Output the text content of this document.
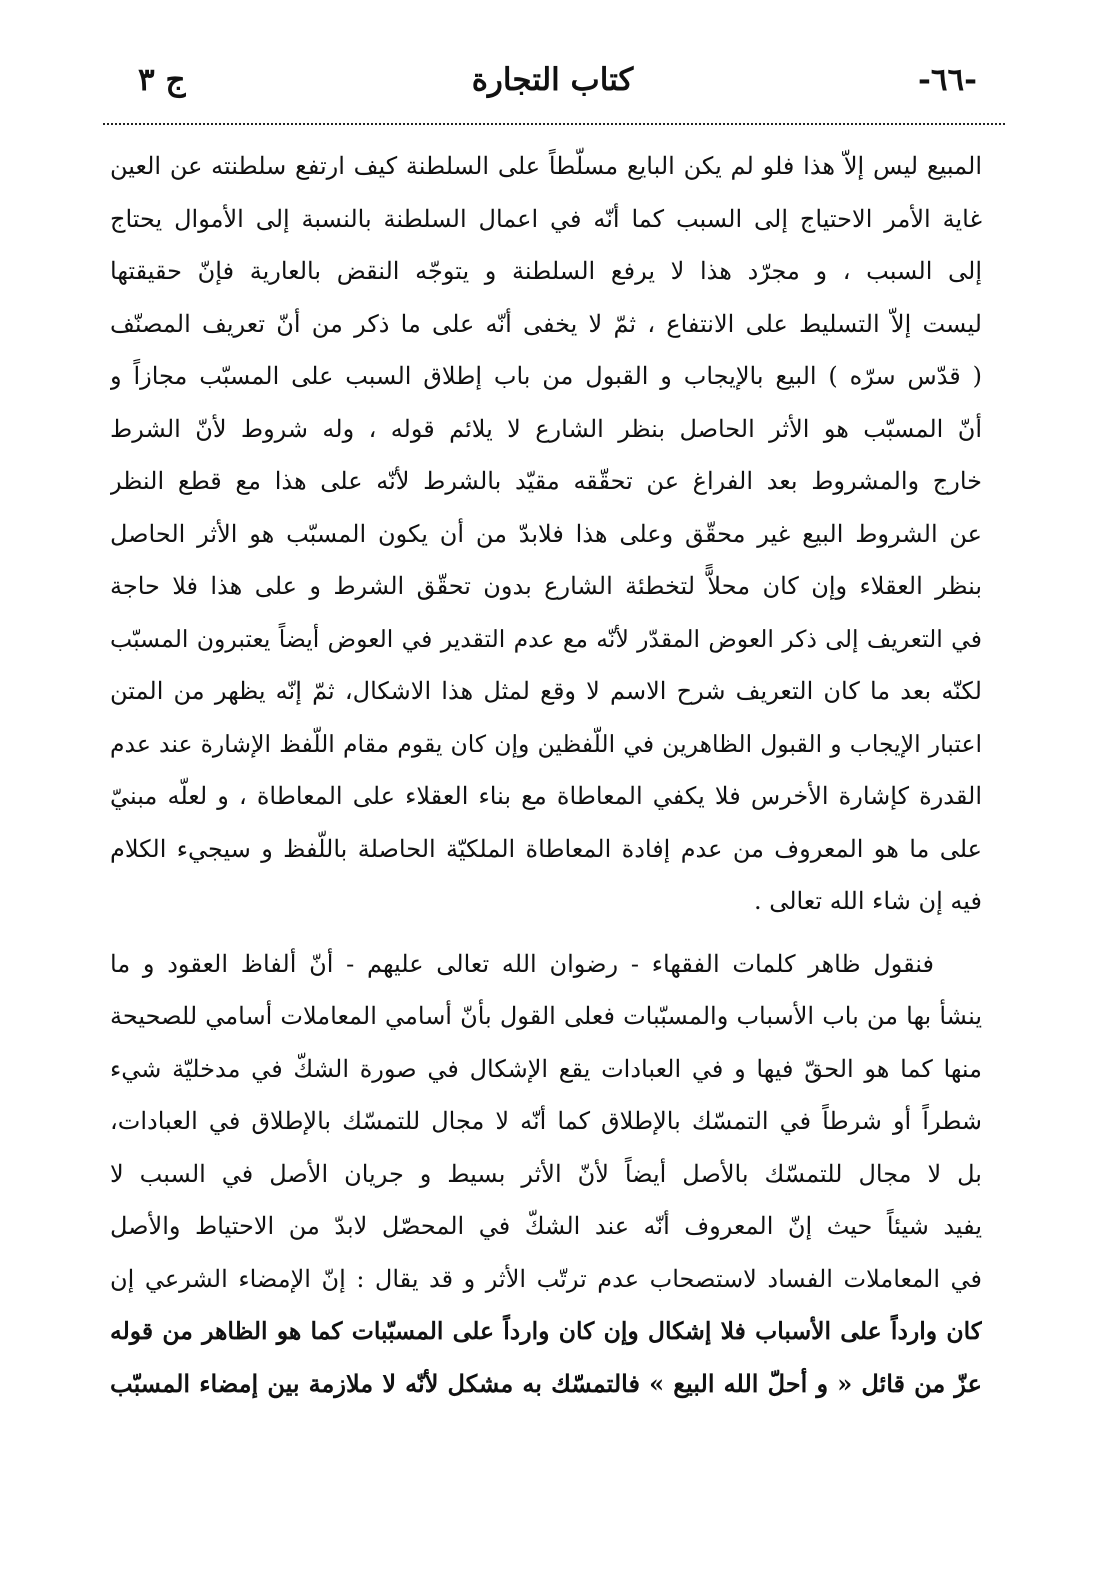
-٦٦-
كتاب التجارة
ج ٣
المبيع ليس إلاّ هذا فلو لم يكن البايع مسلّطاً على السلطنة كيف ارتفع سلطنته عن العين
غاية الأمر الاحتياج إلى السبب كما أنّه في اعمال السلطنة بالنسبة إلى الأموال يحتاج
إلى السبب ، و مجرّد هذا لا يرفع السلطنة و يتوجّه النقض بالعارية فإنّ حقيقتها
ليست إلاّ التسليط على الانتفاع ، ثمّ لا يخفى أنّه على ما ذكر من أنّ تعريف المصنّف
( قدّس سرّه ) البيع بالإيجاب و القبول من باب إطلاق السبب على المسبّب مجازاً و
أنّ المسبّب هو الأثر الحاصل بنظر الشارع لا يلائم قوله ، وله شروط لأنّ الشرط
خارج والمشروط بعد الفراغ عن تحقّقه مقيّد بالشرط لأنّه على هذا مع قطع النظر
عن الشروط البيع غير محقّق وعلى هذا فلابدّ من أن يكون المسبّب هو الأثر الحاصل
بنظر العقلاء وإن كان محلاًّ لتخطئة الشارع بدون تحقّق الشرط و على هذا فلا حاجة
في التعريف إلى ذكر العوض المقدّر لأنّه مع عدم التقدير في العوض أيضاً يعتبرون المسبّب
لكنّه بعد ما كان التعريف شرح الاسم لا وقع لمثل هذا الاشكال، ثمّ إنّه يظهر من المتن
اعتبار الإيجاب و القبول الظاهرين في اللّفظين وإن كان يقوم مقام اللّفظ الإشارة عند عدم
القدرة كإشارة الأخرس فلا يكفي المعاطاة مع بناء العقلاء على المعاطاة ، و لعلّه مبنيّ
على ما هو المعروف من عدم إفادة المعاطاة الملكيّة الحاصلة باللّفظ و سيجيء الكلام
فيه إن شاء الله تعالى .
فنقول ظاهر كلمات الفقهاء - رضوان الله تعالى عليهم - أنّ ألفاظ العقود و ما
ينشأ بها من باب الأسباب والمسبّبات فعلى القول بأنّ أسامي المعاملات أسامي للصحيحة
منها كما هو الحقّ فيها و في العبادات يقع الإشكال في صورة الشكّ في مدخليّة شيء
شطراً أو شرطاً في التمسّك بالإطلاق كما أنّه لا مجال للتمسّك بالإطلاق في العبادات،
بل لا مجال للتمسّك بالأصل أيضاً لأنّ الأثر بسيط و جريان الأصل في السبب لا
يفيد شيئاً حيث إنّ المعروف أنّه عند الشكّ في المحصّل لابدّ من الاحتياط والأصل
في المعاملات الفساد لاستصحاب عدم ترتّب الأثر و قد يقال : إنّ الإمضاء الشرعي إن
كان وارداً على الأسباب فلا إشكال وإن كان وارداً على المسبّبات كما هو الظاهر من قوله
عزّ من قائل « و أحلّ الله البيع » فالتمسّك به مشكل لأنّه لا ملازمة بين إمضاء المسبّب
